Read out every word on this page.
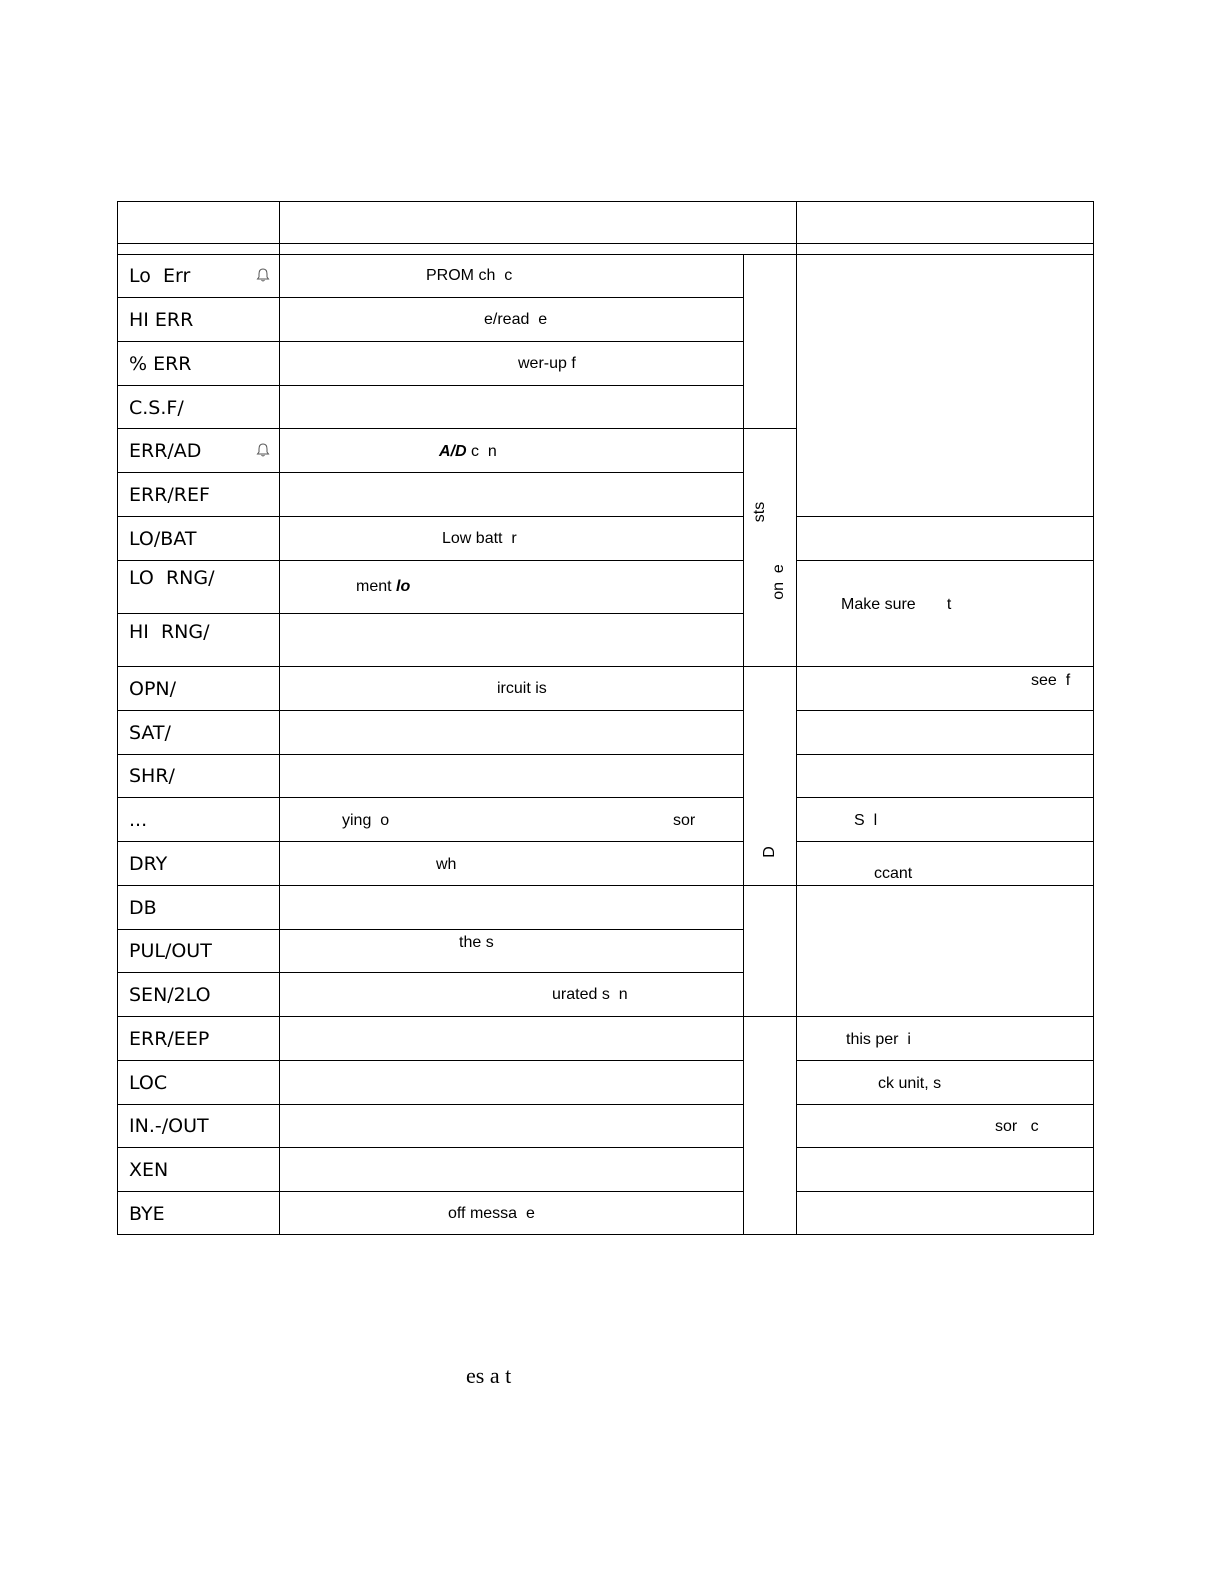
Lo  Err
HI ERR
% ERR
C.S.F/
ERR/AD
ERR/REF
LO/BAT
LO  RNG/
HI  RNG/
OPN/
SAT/
SHR/
...
DRY
DB
PUL/OUT
SEN/2LO
ERR/EEP
LOC
IN.-/OUT
XEN
BYE
PROM ch  c
e/read  e
wer-up f
A/D c  n
Low batt  r
ment lo
ircuit is
ying  o	sor
wh
the s
urated s  n
off messa  e
sts
on  e
D
Make sure       t
see  f
S  l
ccant
this per  i
ck unit, s
sor   c
es a t
